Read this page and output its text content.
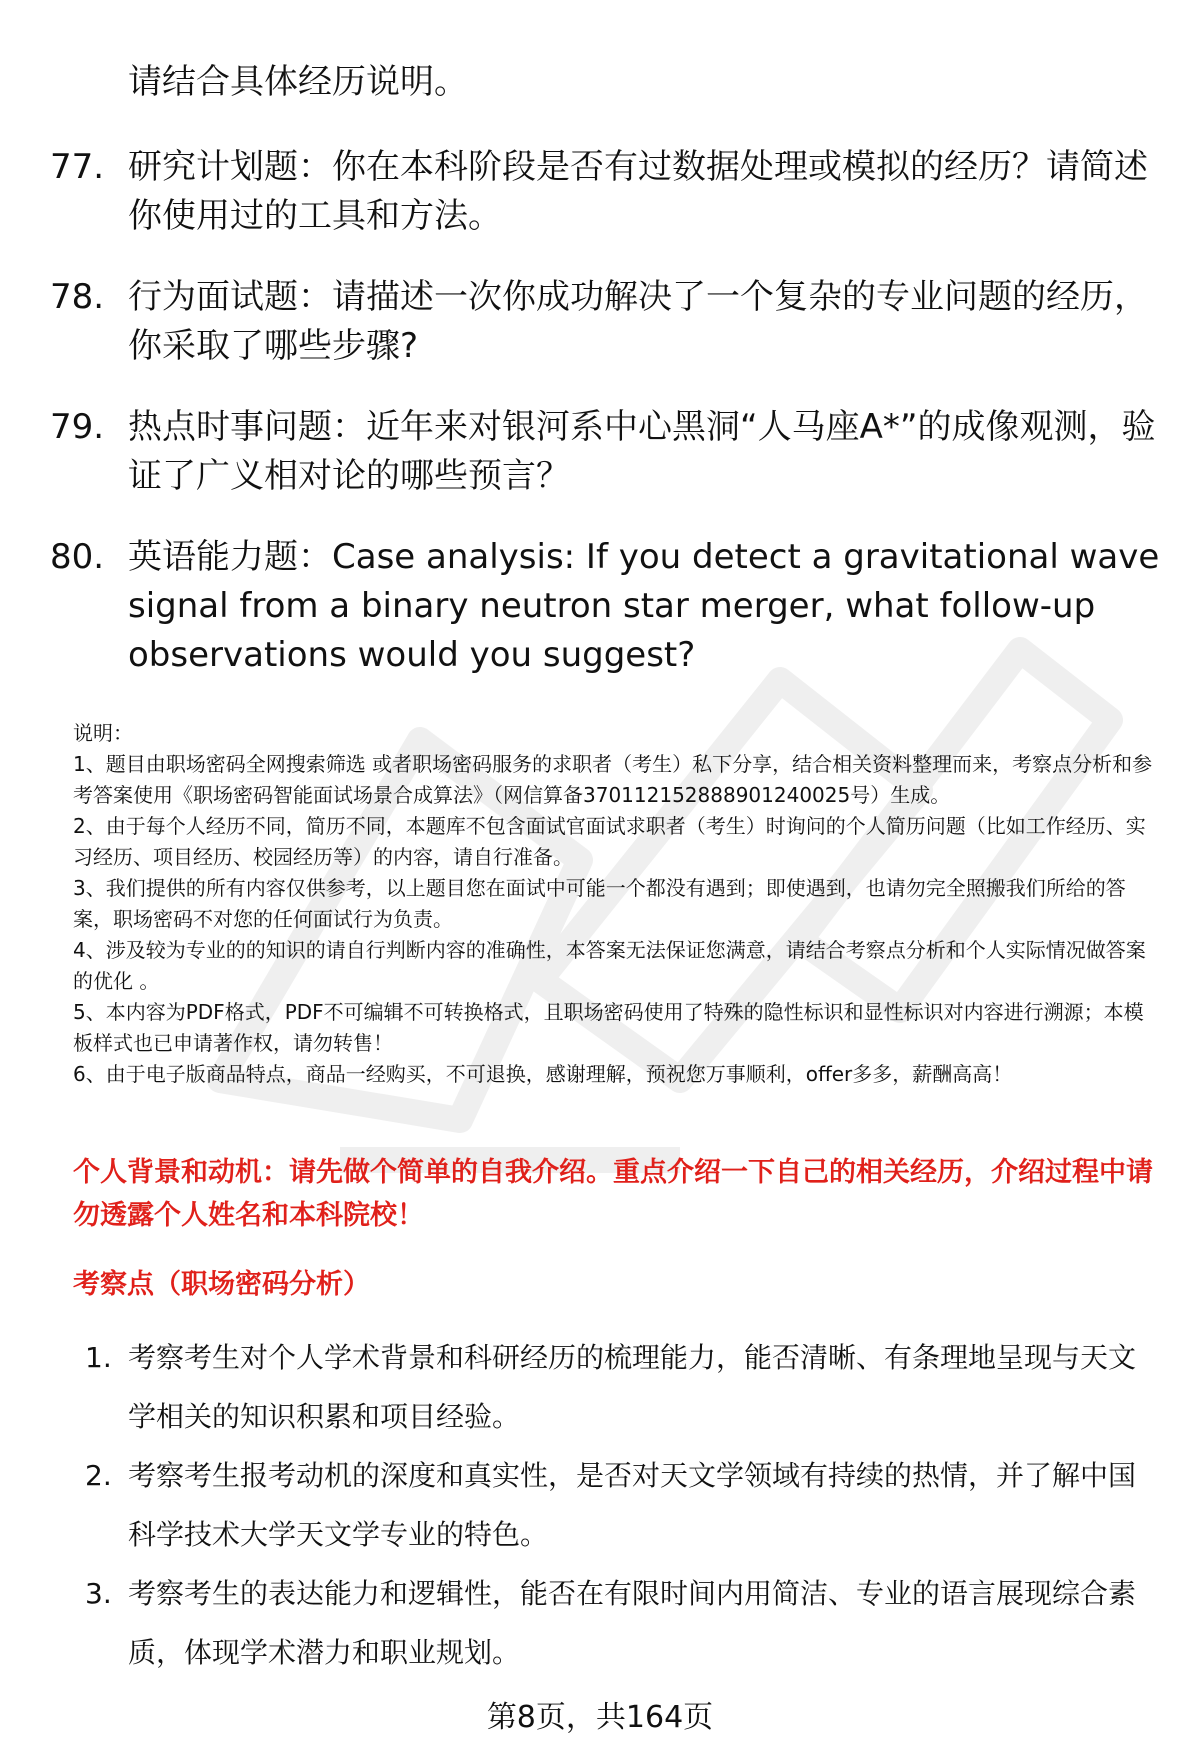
请结合具体经历说明。

77. 研究计划题：你在本科阶段是否有过数据处理或模拟的经历？请简述你使用过的工具和方法。
78. 行为面试题：请描述一次你成功解决了一个复杂的专业问题的经历，你采取了哪些步骤?
79. 热点时事问题：近年来对银河系中心黑洞“人马座A*”的成像观测，验证了广义相对论的哪些预言？
80. 英语能力题：Case analysis: If you detect a gravitational wave signal from a binary neutron star merger, what follow-up observations would you suggest?

说明：

1、题目由职场密码全网搜索筛选 或者职场密码服务的求职者（考生）私下分享，结合相关资料整理而来，考察点分析和参考答案使用《职场密码智能面试场景合成算法》（网信算备370112152888901240025号）生成。

2、由于每个人经历不同，简历不同，本题库不包含面试官面试求职者（考生）时询问的个人简历问题（比如工作经历、实习经历、项目经历、校园经历等）的内容，请自行准备。

3、我们提供的所有内容仅供参考，以上题目您在面试中可能一个都没有遇到；即使遇到，也请勿完全照搬我们所给的答案，职场密码不对您的任何面试行为负责。

4、涉及较为专业的的知识的请自行判断内容的准确性，本答案无法保证您满意，请结合考察点分析和个人实际情况做答案的优化 。

5、本内容为PDF格式，PDF不可编辑不可转换格式，且职场密码使用了特殊的隐性标识和显性标识对内容进行溯源；本模板样式也已申请著作权，请勿转售！

6、由于电子版商品特点，商品一经购买，不可退换，感谢理解，预祝您万事顺利，offer多多，薪酬高高！

个人背景和动机：请先做个简单的自我介绍。重点介绍一下自己的相关经历，介绍过程中请勿透露个人姓名和本科院校！

考察点（职场密码分析）

1. 考察考生对个人学术背景和科研经历的梳理能力，能否清晰、有条理地呈现与天文学相关的知识积累和项目经验。
2. 考察考生报考动机的深度和真实性，是否对天文学领域有持续的热情，并了解中国科学技术大学天文学专业的特色。
3. 考察考生的表达能力和逻辑性，能否在有限时间内用简洁、专业的语言展现综合素质，体现学术潜力和职业规划。
第8页，共164页
